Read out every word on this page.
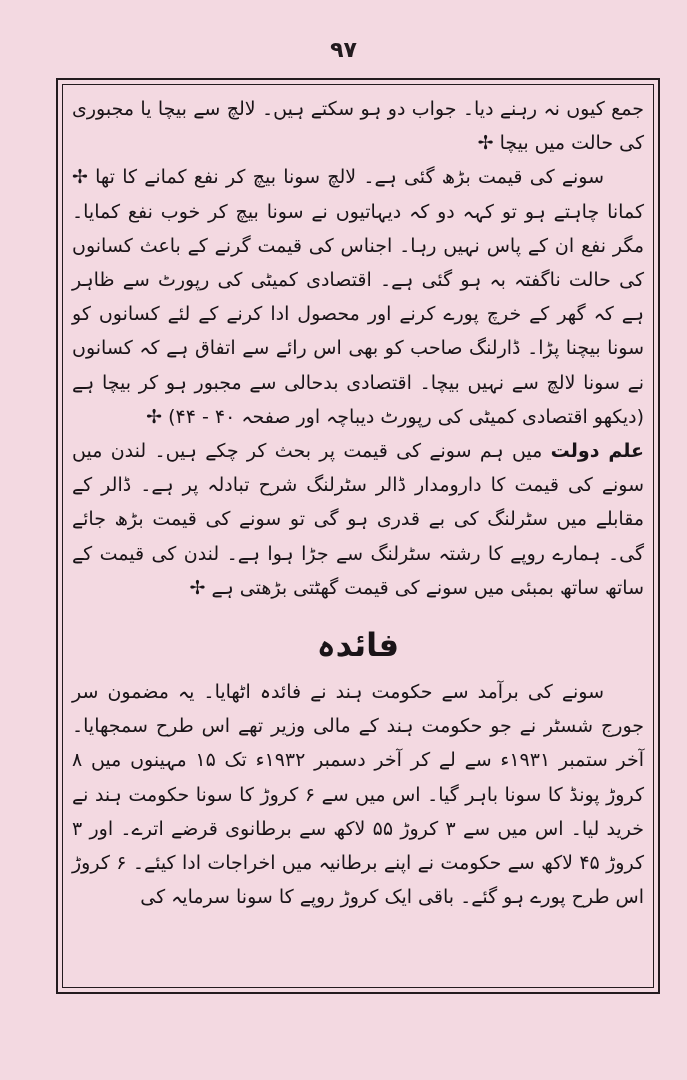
۹۷

جمع کیوں نہ رہنے دیا۔ جواب دو ہو سکتے ہیں۔ لالچ سے بیچا یا مجبوری کی حالت میں بیچا ✢

سونے کی قیمت بڑھ گئی ہے۔ لالچ سونا بیچ کر نفع کمانے کا تھا ✢ کمانا چاہتے ہو تو کہہ دو کہ دیہاتیوں نے سونا بیچ کر خوب نفع کمایا۔ مگر نفع ان کے پاس نہیں رہا۔ اجناس کی قیمت گرنے کے باعث کسانوں کی حالت ناگفتہ بہ ہو گئی ہے۔ اقتصادی کمیٹی کی رپورٹ سے ظاہر ہے کہ گھر کے خرچ پورے کرنے اور محصول ادا کرنے کے لئے کسانوں کو سونا بیچنا پڑا۔ ڈارلنگ صاحب کو بھی اس رائے سے اتفاق ہے کہ کسانوں نے سونا لالچ سے نہیں بیچا۔ اقتصادی بدحالی سے مجبور ہو کر بیچا ہے (دیکھو اقتصادی کمیٹی کی رپورٹ دیباچہ اور صفحہ ۴۰ - ۴۴) ✢

علم دولت میں ہم سونے کی قیمت پر بحث کر چکے ہیں۔ لندن میں سونے کی قیمت کا دارومدار ڈالر سٹرلنگ شرح تبادلہ پر ہے۔ ڈالر کے مقابلے میں سٹرلنگ کی بے قدری ہو گی تو سونے کی قیمت بڑھ جائے گی۔ ہمارے روپے کا رشتہ سٹرلنگ سے جڑا ہوا ہے۔ لندن کی قیمت کے ساتھ ساتھ بمبئی میں سونے کی قیمت گھٹتی بڑھتی ہے ✢

فائدہ

سونے کی برآمد سے حکومت ہند نے فائدہ اٹھایا۔ یہ مضمون سر جورج شسٹر نے جو حکومت ہند کے مالی وزیر تھے اس طرح سمجھایا۔ آخر ستمبر ۱۹۳۱ء سے لے کر آخر دسمبر ۱۹۳۲ء تک ۱۵ مہینوں میں ۸ کروڑ پونڈ کا سونا باہر گیا۔ اس میں سے ۶ کروڑ کا سونا حکومت ہند نے خرید لیا۔ اس میں سے ۳ کروڑ ۵۵ لاکھ سے برطانوی قرضے اترے۔ اور ۳ کروڑ ۴۵ لاکھ سے حکومت نے اپنے برطانیہ میں اخراجات ادا کیئے۔ ۶ کروڑ اس طرح پورے ہو گئے۔ باقی ایک کروڑ روپے کا سونا سرمایہ کی
